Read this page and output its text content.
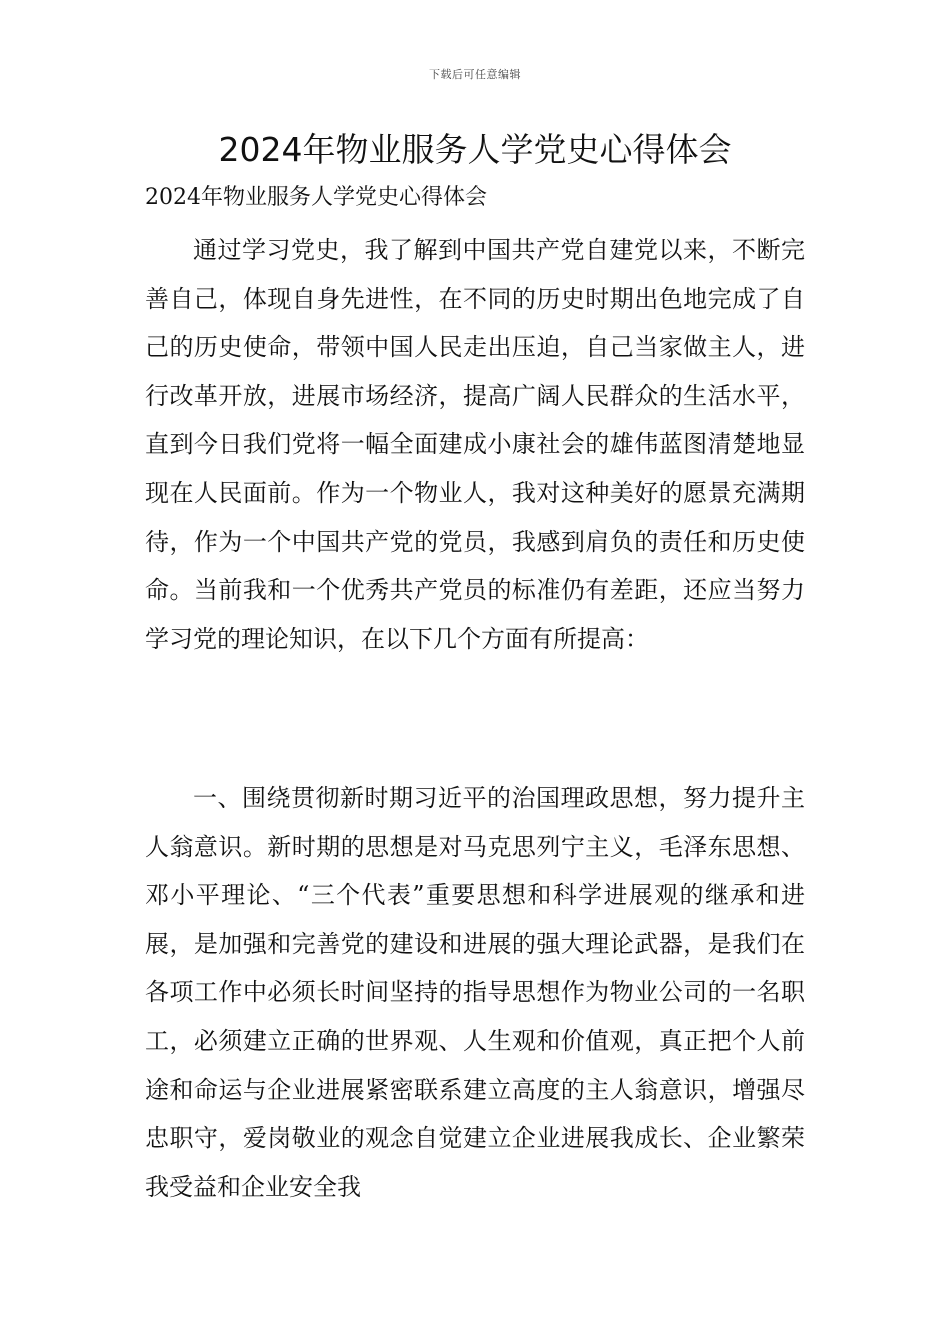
下载后可任意编辑
2024年物业服务人学党史心得体会
2024年物业服务人学党史心得体会

通过学习党史，我了解到中国共产党自建党以来，不断完善自己，体现自身先进性，在不同的历史时期出色地完成了自己的历史使命，带领中国人民走出压迫，自己当家做主人，进行改革开放，进展市场经济，提高广阔人民群众的生活水平，直到今日我们党将一幅全面建成小康社会的雄伟蓝图清楚地显现在人民面前。作为一个物业人，我对这种美好的愿景充满期待，作为一个中国共产党的党员，我感到肩负的责任和历史使命。当前我和一个优秀共产党员的标准仍有差距，还应当努力学习党的理论知识，在以下几个方面有所提高：

一、围绕贯彻新时期习近平的治国理政思想，努力提升主人翁意识。新时期的思想是对马克思列宁主义，毛泽东思想、邓小平理论、“三个代表”重要思想和科学进展观的继承和进展，是加强和完善党的建设和进展的强大理论武器，是我们在各项工作中必须长时间坚持的指导思想作为物业公司的一名职工，必须建立正确的世界观、人生观和价值观，真正把个人前途和命运与企业进展紧密联系建立高度的主人翁意识，增强尽忠职守，爱岗敬业的观念自觉建立企业进展我成长、企业繁荣我受益和企业安全我
